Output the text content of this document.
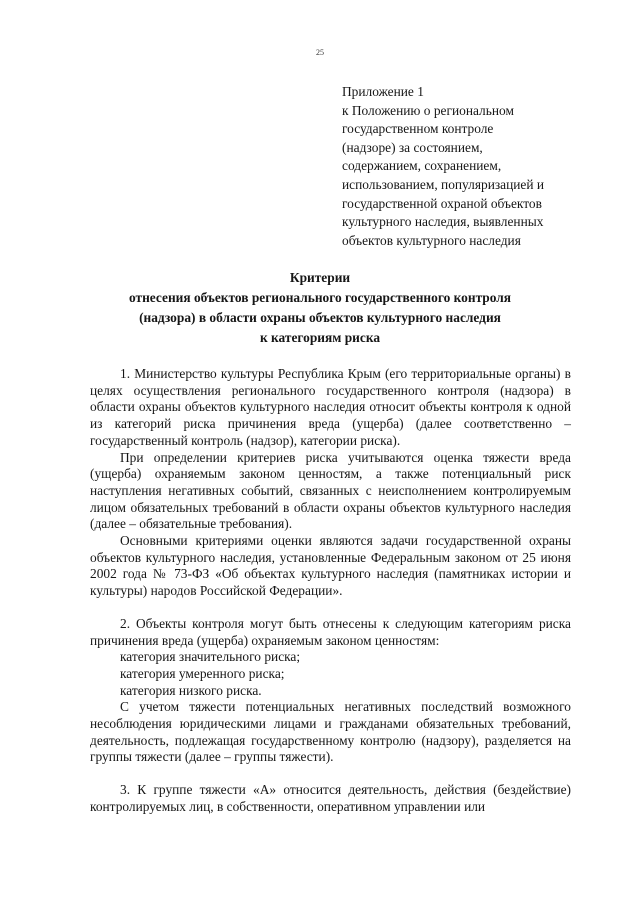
25
Приложение 1
к Положению о региональном
государственном контроле
(надзоре) за состоянием,
содержанием, сохранением,
использованием, популяризацией и
государственной охраной объектов
культурного наследия, выявленных
объектов культурного наследия
Критерии
отнесения объектов регионального государственного контроля
(надзора) в области охраны объектов культурного наследия
к категориям риска

1. Министерство культуры Республика Крым (его территориальные органы) в целях осуществления регионального государственного контроля (надзора) в области охраны объектов культурного наследия относит объекты контроля к одной из категорий риска причинения вреда (ущерба) (далее соответственно – государственный контроль (надзор), категории риска).

При определении критериев риска учитываются оценка тяжести вреда (ущерба) охраняемым законом ценностям, а также потенциальный риск наступления негативных событий, связанных с неисполнением контролируемым лицом обязательных требований в области охраны объектов культурного наследия (далее – обязательные требования).

Основными критериями оценки являются задачи государственной охраны объектов культурного наследия, установленные Федеральным законом от 25 июня 2002 года № 73-ФЗ «Об объектах культурного наследия (памятниках истории и культуры) народов Российской Федерации».

2. Объекты контроля могут быть отнесены к следующим категориям риска причинения вреда (ущерба) охраняемым законом ценностям:

категория значительного риска;

категория умеренного риска;

категория низкого риска.

С учетом тяжести потенциальных негативных последствий возможного несоблюдения юридическими лицами и гражданами обязательных требований, деятельность, подлежащая государственному контролю (надзору), разделяется на группы тяжести (далее – группы тяжести).

3. К группе тяжести «А» относится деятельность, действия (бездействие) контролируемых лиц, в собственности, оперативном управлении или
